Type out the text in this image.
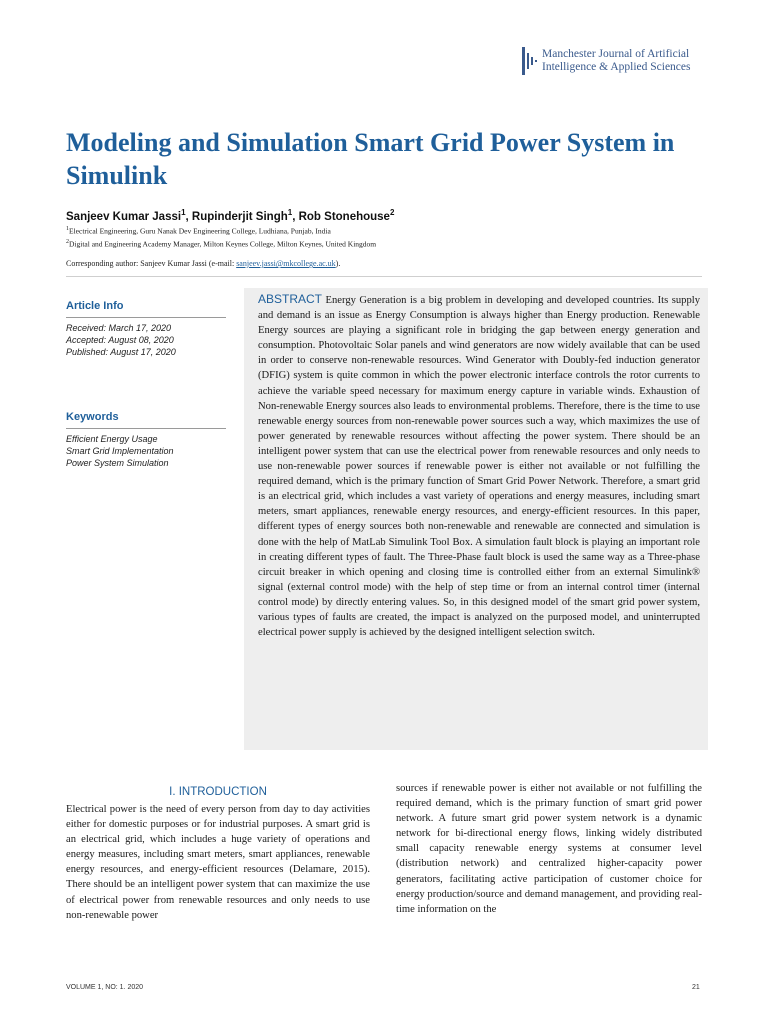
Manchester Journal of Artificial
Intelligence & Applied Sciences
Modeling and Simulation Smart Grid Power System in Simulink
Sanjeev Kumar Jassi$^1$, Rupinderjit Singh$^1$, Rob Stonehouse$^2$
$^1$Electrical Engineering, Guru Nanak Dev Engineering College, Ludhiana, Punjab, India
$^2$Digital and Engineering Academy Manager, Milton Keynes College, Milton Keynes, United Kingdom
Corresponding author: Sanjeev Kumar Jassi (e-mail: sanjeev.jassi@mkcollege.ac.uk).
Article Info
Received: March 17, 2020
Accepted: August 08, 2020
Published: August 17, 2020
Keywords
Efficient Energy Usage
Smart Grid Implementation
Power System Simulation

ABSTRACT Energy Generation is a big problem in developing and developed countries. Its supply and demand is an issue as Energy Consumption is always higher than Energy production. Renewable Energy sources are playing a significant role in bridging the gap between energy generation and consumption. Photovoltaic Solar panels and wind generators are now widely available that can be used in order to conserve non-renewable resources. Wind Generator with Doubly-fed induction generator (DFIG) system is quite common in which the power electronic interface controls the rotor currents to achieve the variable speed necessary for maximum energy capture in variable winds. Exhaustion of Non-renewable Energy sources also leads to environmental problems. Therefore, there is the time to use renewable energy sources from non-renewable power sources such a way, which maximizes the use of power generated by renewable resources without affecting the power system. There should be an intelligent power system that can use the electrical power from renewable resources and only needs to use non-renewable power sources if renewable power is either not available or not fulfilling the required demand, which is the primary function of Smart Grid Power Network. Therefore, a smart grid is an electrical grid, which includes a vast variety of operations and energy measures, including smart meters, smart appliances, renewable energy resources, and energy-efficient resources. In this paper, different types of energy sources both non-renewable and renewable are connected and simulation is done with the help of MatLab Simulink Tool Box. A simulation fault block is playing an important role in creating different types of fault. The Three-Phase fault block is used the same way as a Three-phase circuit breaker in which opening and closing time is controlled either from an external Simulink® signal (external control mode) with the help of step time or from an internal control timer (internal control mode) by directly entering values. So, in this designed model of the smart grid power system, various types of faults are created, the impact is analyzed on the purposed model, and uninterrupted electrical power supply is achieved by the designed intelligent selection switch.

I. INTRODUCTION

Electrical power is the need of every person from day to day activities either for domestic purposes or for industrial purposes. A smart grid is an electrical grid, which includes a huge variety of operations and energy measures, including smart meters, smart appliances, renewable energy resources, and energy-efficient resources (Delamare, 2015). There should be an intelligent power system that can maximize the use of electrical power from renewable resources and only needs to use non-renewable power

sources if renewable power is either not available or not fulfilling the required demand, which is the primary function of smart grid power network. A future smart grid power system network is a dynamic network for bi-directional energy flows, linking widely distributed small capacity renewable energy systems at consumer level (distribution network) and centralized higher-capacity power generators, facilitating active participation of customer choice for energy production/source and demand management, and providing real-time information on the

VOLUME 1, NO: 1. 2020	21
